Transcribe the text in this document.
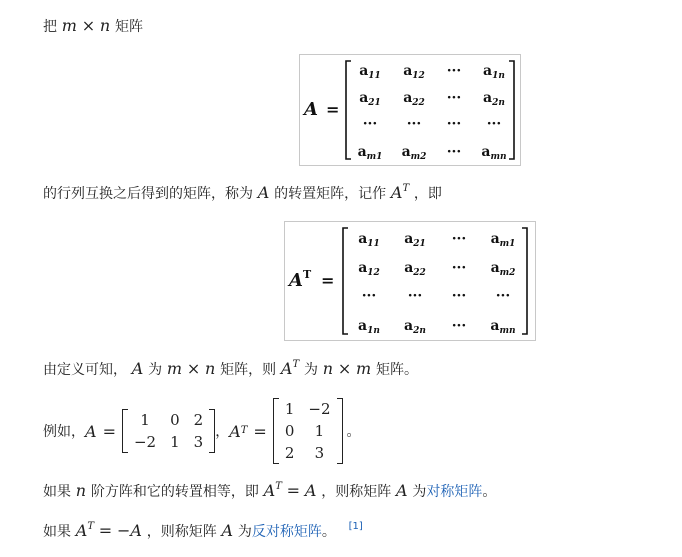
把 m × n 矩阵
A =
$a_{11}$ $a_{12}$ ··· $a_{1n}$
$a_{21}$ $a_{22}$ ··· $a_{2n}$
··· ··· ··· ···
$a_{m1}$ $a_{m2}$ ··· $a_{mn}$
的行列互换之后得到的矩阵，称为 A 的转置矩阵，记作 $A^T$ ，即
A T =
$a_{11}$ $a_{21}$ ··· $a_{m1}$
$a_{12}$ $a_{22}$ ··· $a_{m2}$
··· ··· ··· ···
$a_{1n}$ $a_{2n}$ ··· $a_{mn}$
由定义可知， A 为 m × n 矩阵，则 $A^T$ 为 n × m 矩阵。
例如， A =
1	0 2
−2 1 3
， A T =
1 −2
0	1
2	3
。
如果 n 阶方阵和它的转置相等，即 $A^T = A$ ，则称矩阵 A 为对称矩阵。
如果 $A^T = -A$ ，则称矩阵 A 为反对称矩阵。 [1]
